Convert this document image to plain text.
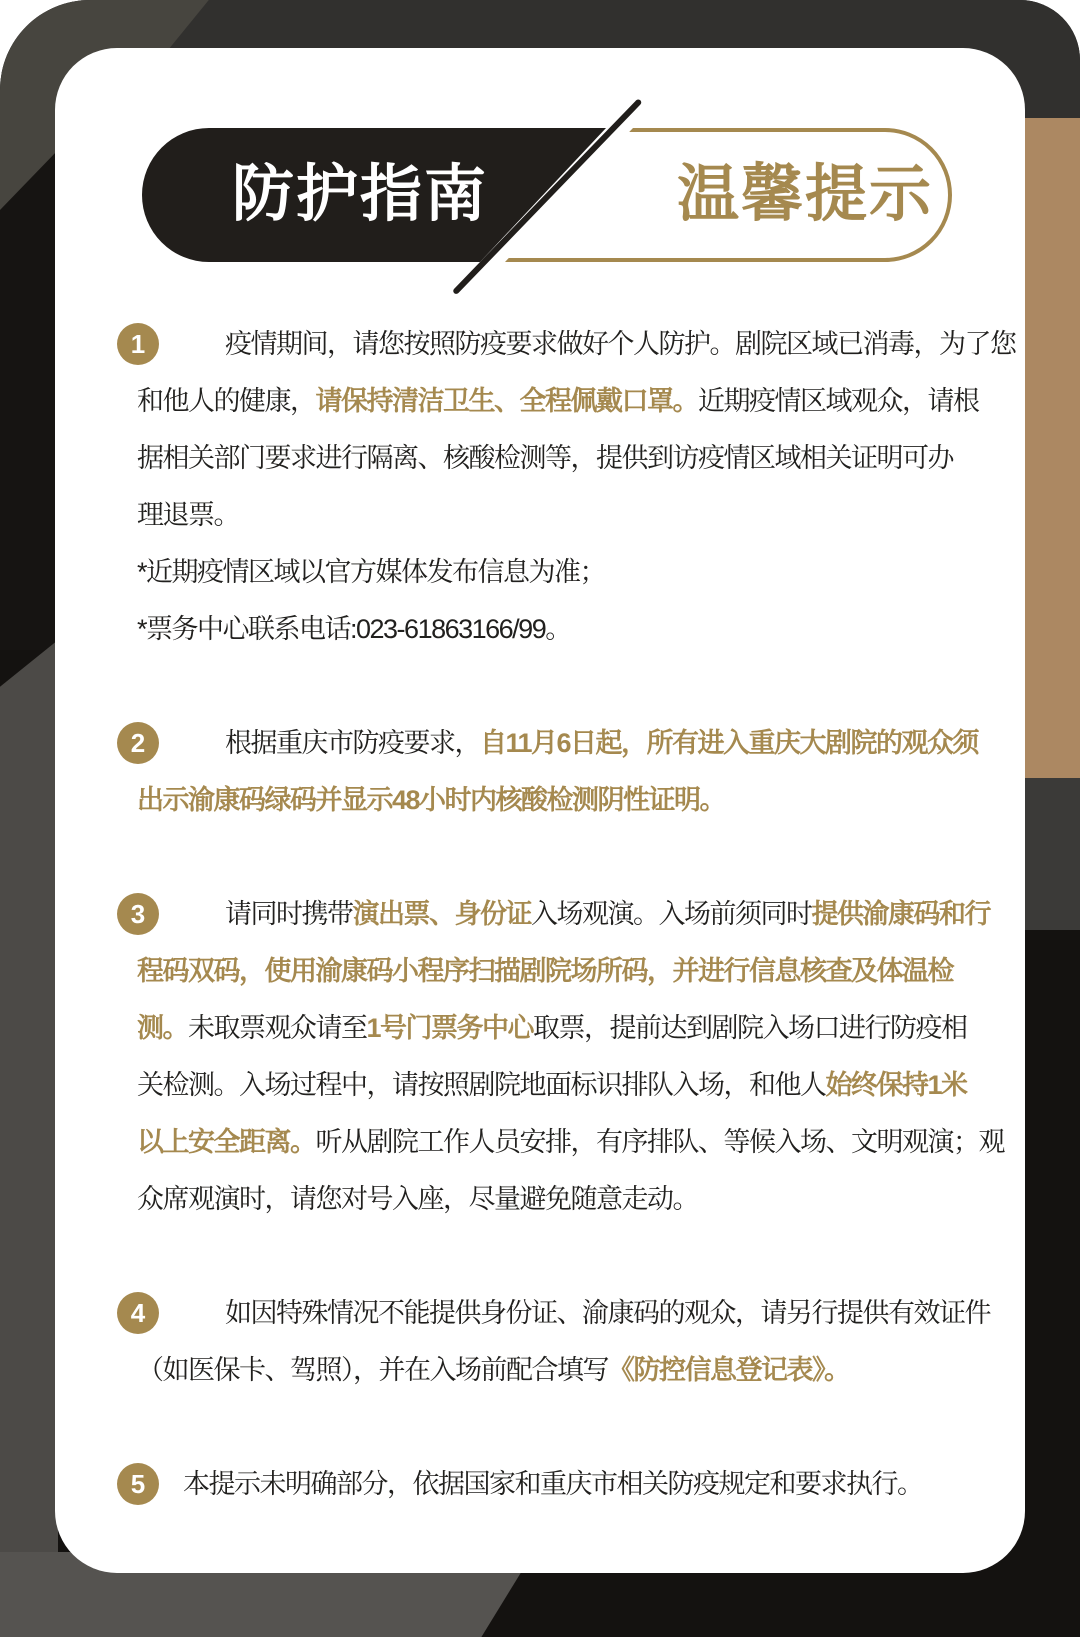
防护指南	温馨提示
1	疫情期间，请您按照防疫要求做好个人防护。剧院区域已消毒，为了您
和他人的健康，请保持清洁卫生、全程佩戴口罩。近期疫情区域观众，请根
据相关部门要求进行隔离、核酸检测等，提供到访疫情区域相关证明可办
理退票。
*近期疫情区域以官方媒体发布信息为准；
*票务中心联系电话:023-61863166/99。
2	根据重庆市防疫要求，自11月6日起，所有进入重庆大剧院的观众须
出示渝康码绿码并显示48小时内核酸检测阴性证明。
3	请同时携带演出票、身份证入场观演。入场前须同时提供渝康码和行
程码双码，使用渝康码小程序扫描剧院场所码，并进行信息核查及体温检
测。未取票观众请至1号门票务中心取票，提前达到剧院入场口进行防疫相
关检测。入场过程中，请按照剧院地面标识排队入场，和他人始终保持1米
以上安全距离。听从剧院工作人员安排，有序排队、等候入场、文明观演；观
众席观演时，请您对号入座，尽量避免随意走动。
4	如因特殊情况不能提供身份证、渝康码的观众，请另行提供有效证件
（如医保卡、驾照），并在入场前配合填写《防控信息登记表》。
5	本提示未明确部分，依据国家和重庆市相关防疫规定和要求执行。
